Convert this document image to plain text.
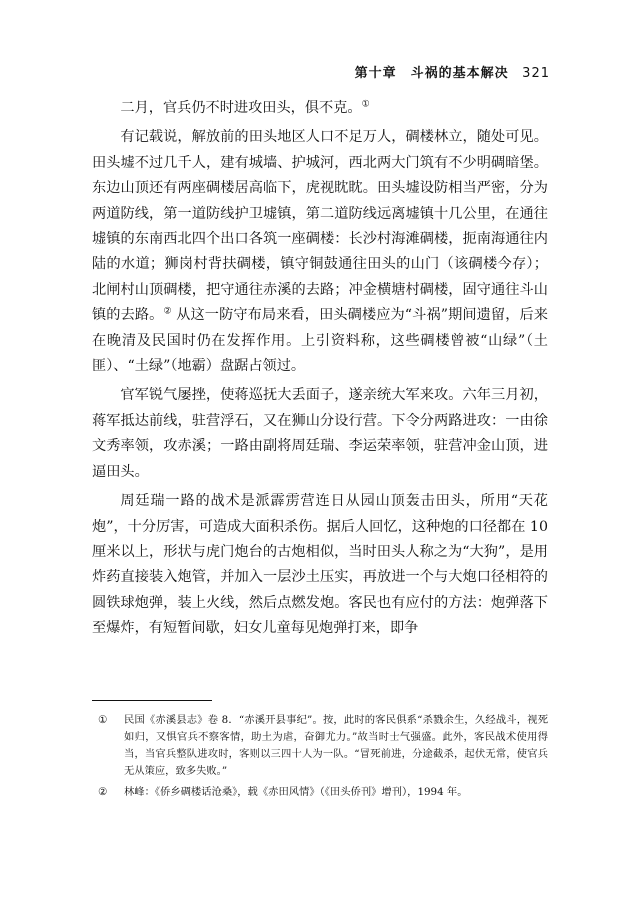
第十章　斗祸的基本解决 321

二月，官兵仍不时进攻田头，俱不克。①

有记载说，解放前的田头地区人口不足万人，碉楼林立，随处可见。田头墟不过几千人，建有城墙、护城河，西北两大门筑有不少明碉暗堡。东边山顶还有两座碉楼居高临下，虎视眈眈。田头墟设防相当严密，分为两道防线，第一道防线护卫墟镇，第二道防线远离墟镇十几公里，在通往墟镇的东南西北四个出口各筑一座碉楼：长沙村海滩碉楼，扼南海通往内陆的水道；狮岗村背扶碉楼，镇守铜鼓通往田头的山门（该碉楼今存）；北闸村山顶碉楼，把守通往赤溪的去路；冲金横塘村碉楼，固守通往斗山镇的去路。② 从这一防守布局来看，田头碉楼应为“斗祸”期间遗留，后来在晚清及民国时仍在发挥作用。上引资料称，这些碉楼曾被“山绿”（土匪）、“土绿”（地霸）盘踞占领过。

官军锐气屡挫，使蒋巡抚大丢面子，遂亲统大军来攻。六年三月初，蒋军抵达前线，驻营浮石，又在狮山分设行营。下令分两路进攻：一由徐文秀率领，攻赤溪；一路由副将周廷瑞、李运荣率领，驻营冲金山顶，进逼田头。

周廷瑞一路的战术是派霹雳营连日从园山顶轰击田头，所用“天花炮”，十分厉害，可造成大面积杀伤。据后人回忆，这种炮的口径都在 10 厘米以上，形状与虎门炮台的古炮相似，当时田头人称之为“大狗”，是用炸药直接装入炮管，并加入一层沙土压实，再放进一个与大炮口径相符的圆铁球炮弹，装上火线，然后点燃发炮。客民也有应付的方法：炮弹落下至爆炸，有短暂间歇，妇女儿童每见炮弹打来，即争

①	民国《赤溪县志》卷 8．“赤溪开县事纪”。按，此时的客民俱系“杀戮余生，久经战斗，视死如归，又惧官兵不察客情，助土为虐，奋御尤力。”故当时士气强盛。此外，客民战术使用得当，当官兵整队进攻时，客则以三四十人为一队。“冒死前进，分途截杀，起伏无常，使官兵无从策应，致多失败。”
②	林峰：《侨乡碉楼话沧桑》，载《赤田风情》（《田头侨刊》增刊），1994 年。
